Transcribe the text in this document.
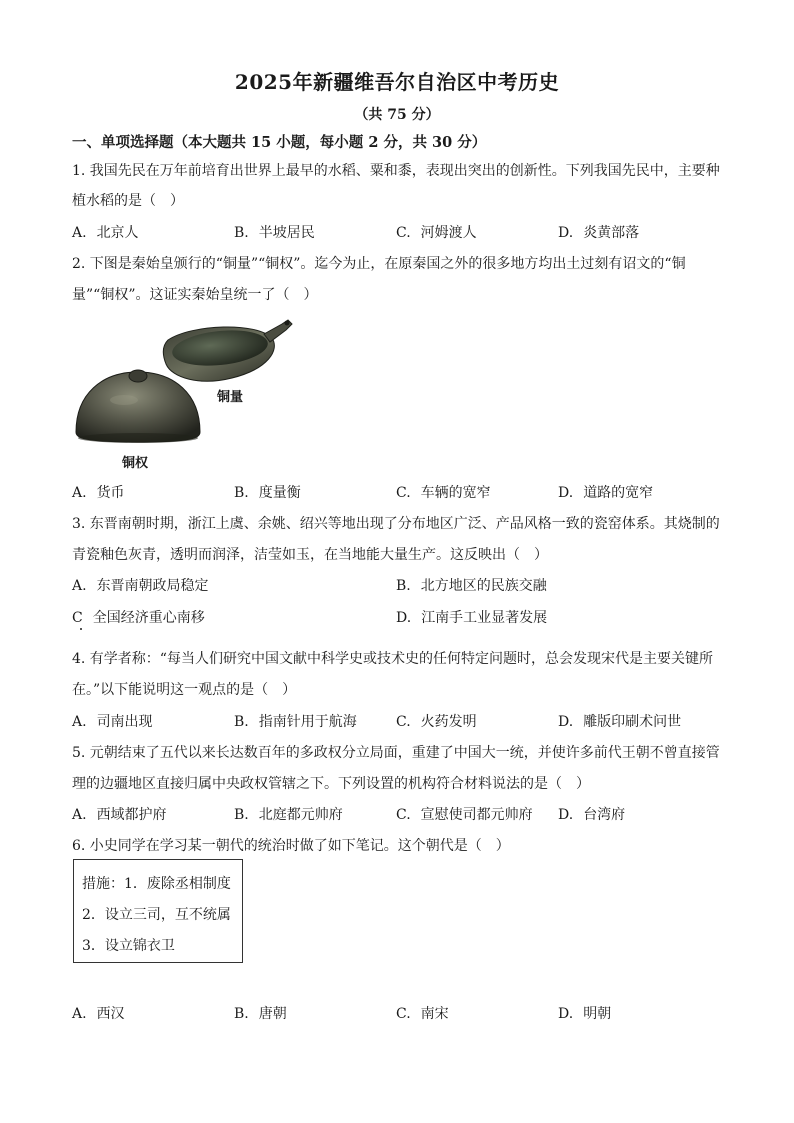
2025年新疆维吾尔自治区中考历史
（共 75 分）
一、单项选择题（本大题共 15 小题，每小题 2 分，共 30 分）
1. 我国先民在万年前培育出世界上最早的水稻、粟和黍，表现出突出的创新性。下列我国先民中，主要种
植水稻的是（　）
A. 北京人	B. 半坡居民	C. 河姆渡人	D. 炎黄部落
2. 下图是秦始皇颁行的“铜量”“铜权”。迄今为止，在原秦国之外的很多地方均出土过刻有诏文的“铜
量”“铜权”。这证实秦始皇统一了（　）
铜量
铜权
A. 货币	B. 度量衡	C. 车辆的宽窄	D. 道路的宽窄
3. 东晋南朝时期，浙江上虞、余姚、绍兴等地出现了分布地区广泛、产品风格一致的瓷窑体系。其烧制的
青瓷釉色灰青，透明而润泽，洁莹如玉，在当地能大量生产。这反映出（　）
A. 东晋南朝政局稳定	B. 北方地区的民族交融
C 全国经济重心南移	D. 江南手工业显著发展
4. 有学者称：“每当人们研究中国文献中科学史或技术史的任何特定问题时，总会发现宋代是主要关键所
在。”以下能说明这一观点的是（　）
A. 司南出现	B. 指南针用于航海	C. 火药发明	D. 雕版印刷术问世
5. 元朝结束了五代以来长达数百年的多政权分立局面，重建了中国大一统，并使许多前代王朝不曾直接管
理的边疆地区直接归属中央政权管辖之下。下列设置的机构符合材料说法的是（　）
A. 西域都护府	B. 北庭都元帅府	C. 宣慰使司都元帅府 D. 台湾府
6. 小史同学在学习某一朝代的统治时做了如下笔记。这个朝代是（　）
措施：1．废除丞相制度
2．设立三司，互不统属
3．设立锦衣卫
A. 西汉	B. 唐朝	C. 南宋	D. 明朝
